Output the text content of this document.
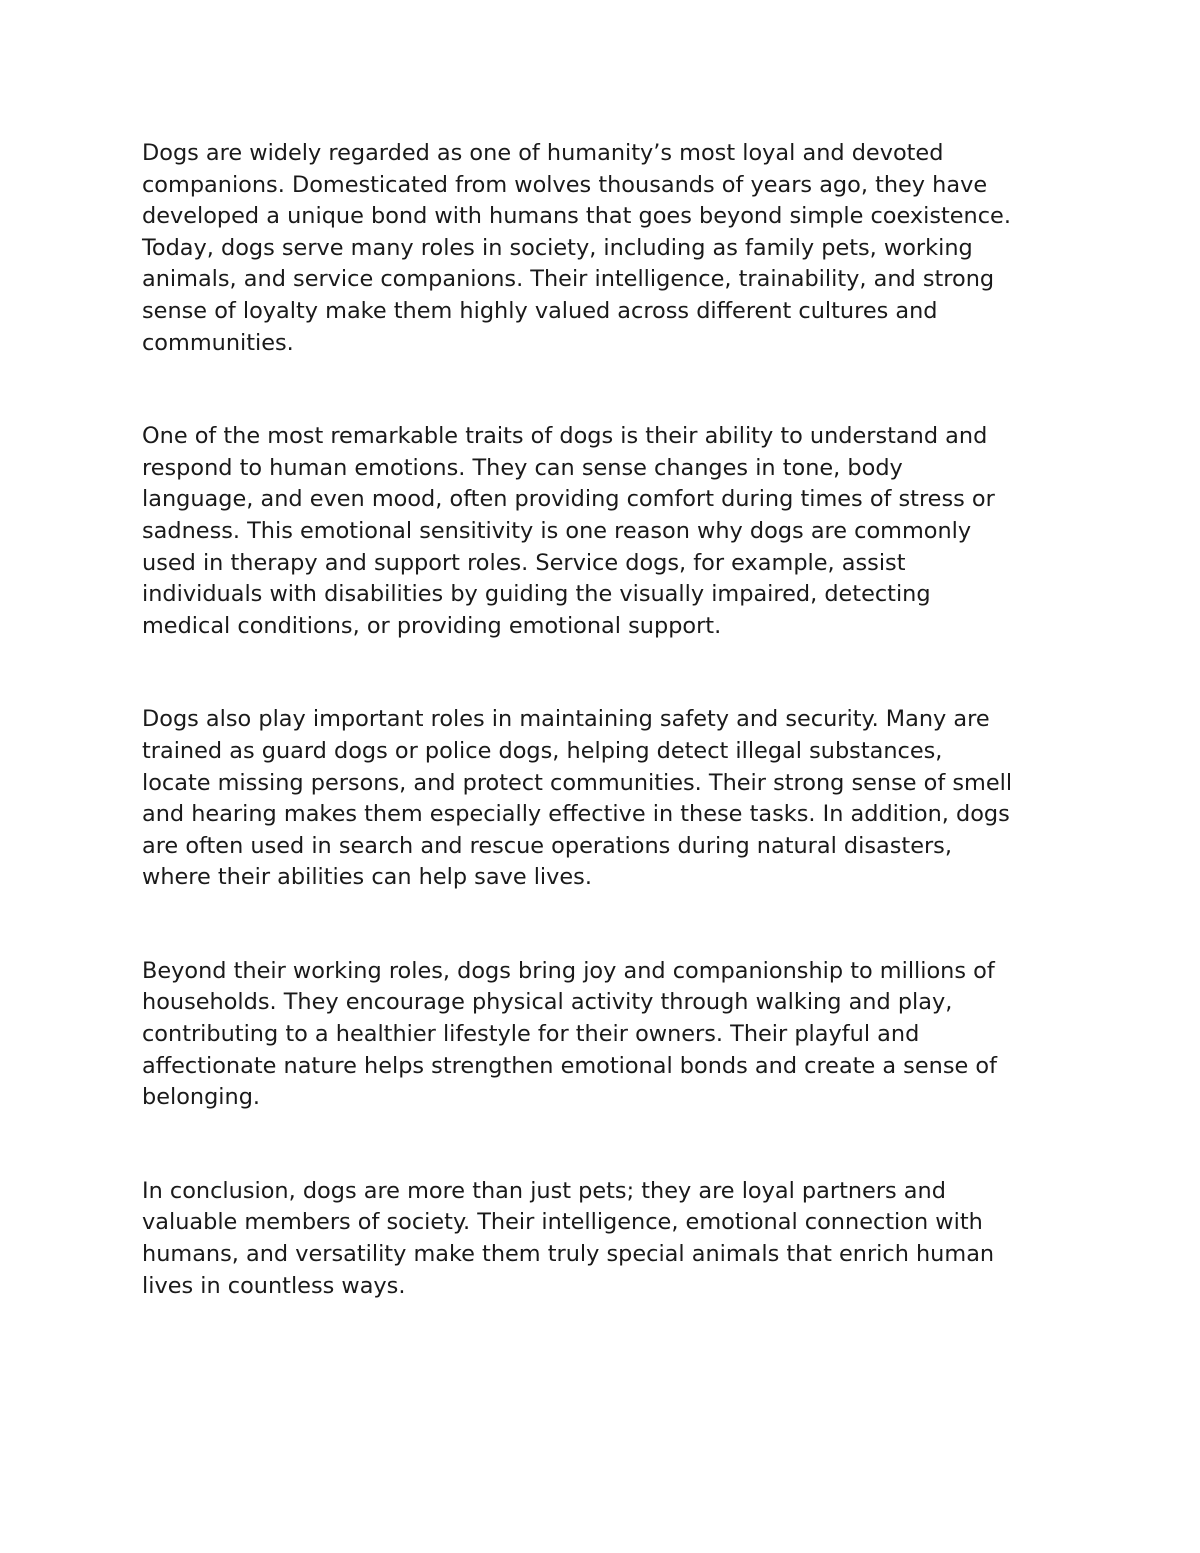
Dogs are widely regarded as one of humanity’s most loyal and devoted
companions. Domesticated from wolves thousands of years ago, they have
developed a unique bond with humans that goes beyond simple coexistence.
Today, dogs serve many roles in society, including as family pets, working
animals, and service companions. Their intelligence, trainability, and strong
sense of loyalty make them highly valued across different cultures and
communities.

One of the most remarkable traits of dogs is their ability to understand and
respond to human emotions. They can sense changes in tone, body
language, and even mood, often providing comfort during times of stress or
sadness. This emotional sensitivity is one reason why dogs are commonly
used in therapy and support roles. Service dogs, for example, assist
individuals with disabilities by guiding the visually impaired, detecting
medical conditions, or providing emotional support.

Dogs also play important roles in maintaining safety and security. Many are
trained as guard dogs or police dogs, helping detect illegal substances,
locate missing persons, and protect communities. Their strong sense of smell
and hearing makes them especially effective in these tasks. In addition, dogs
are often used in search and rescue operations during natural disasters,
where their abilities can help save lives.

Beyond their working roles, dogs bring joy and companionship to millions of
households. They encourage physical activity through walking and play,
contributing to a healthier lifestyle for their owners. Their playful and
affectionate nature helps strengthen emotional bonds and create a sense of
belonging.

In conclusion, dogs are more than just pets; they are loyal partners and
valuable members of society. Their intelligence, emotional connection with
humans, and versatility make them truly special animals that enrich human
lives in countless ways.
